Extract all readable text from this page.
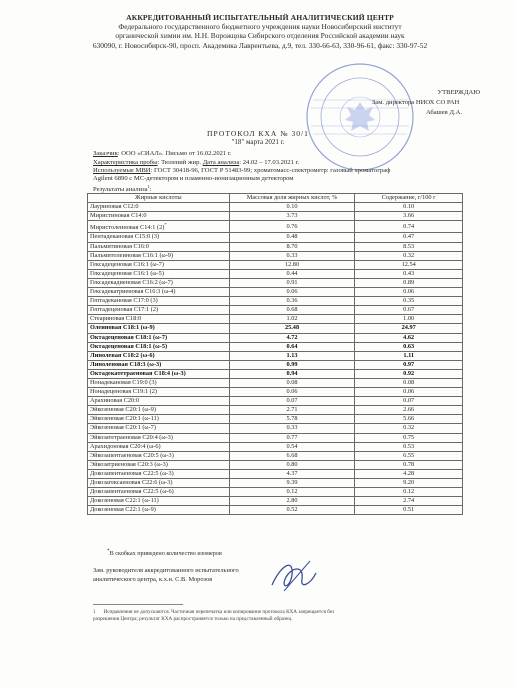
АККРЕДИТОВАННЫЙ ИСПЫТАТЕЛЬНЫЙ АНАЛИТИЧЕСКИЙ ЦЕНТР
Федерального государственного бюджетного учреждения науки Новосибирский институт
органической химии им. Н.Н. Ворожцова Сибирского отделения Российской академии наук
630090, г. Новосибирск-90, просп. Академика Лаврентьева, д.9, тел. 330-66-63, 330-96-61, факс: 330-97-52
УТВЕРЖДАЮ
Зам. директора НИОХ СО РАН
Абашев Д.А.
ПРОТОКОЛ КХА № 30/1
"18" марта 2021 г.
Заказчик: ООО «СИАЛ». Письмо от 16.02.2021 г.
Характеристика пробы: Тюлений жир. Дата анализа: 24.02 – 17.03.2021 г.
Используемые МВИ: ГОСТ 30418-96, ГОСТ Р 51483-99; хроматомасс-спектрометр: газовый хроматограф
Agilent 6890 с МС-детектором и пламенно-ионизационным детектором
Результаты анализа$^1$:
Жирные кислоты	Массовая доля жирных кислот, %	Содержание, г/100 г
Лауриновая С12:0	0.10	0.10
Миристиновая С14:0	3.73	3.66
Миристолеиновая С14:1 (2)*	0.76	0.74
Пентадекановая С15:0 (3)	0.48	0.47
Пальмитиновая С16:0	8.70	8.53
Пальмитолеиновая С16:1 (ω-9)	0.33	0.32
Гексадеценовая С16:1 (ω-7)	12.80	12.54
Гексадеценовая С16:1 (ω-5)	0.44	0.43
Гексадекадиеновая С16:2 (ω-7)	0.91	0.89
Гексадекатриеновая С16:3 (ω-4)	0.06	0.06
Гептадекановая С17:0 (3)	0.36	0.35
Гептадеценовая С17:1 (2)	0.68	0.67
Стеариновая С18:0	1.02	1.00
Олеиновая С18:1 (ω-9)	25.48	24.97
Октадеценовая С18:1 (ω-7)	4.72	4.62
Октадеценовая С18:1 (ω-5)	0.64	0.63
Линолевая С18:2 (ω-6)	1.13	1.11
Линоленовая С18:3 (ω-3)	0.99	0.97
Октадекатетраеновая С18:4 (ω-3)	0.94	0.92
Нонадекановая С19:0 (3)	0.08	0.08
Нонадеценовая С19:1 (2)	0.06	0.06
Арахиновая С20:0	0.07	0.07
Эйкозеновая С20:1 (ω-9)	2.71	2.66
Эйкозеновая С20:1 (ω-11)	5.78	5.66
Эйкозеновая С20:1 (ω-7)	0.33	0.32
Эйкозатетраеновая С20:4 (ω-3)	0.77	0.75
Арахидоновая С20:4 (ω-6)	0.54	0.53
Эйкозапентаеновая С20:5 (ω-3)	6.68	6.55
Эйкозатриеновая С20:3 (ω-3)	0.80	0.78
Докозапентаеновая С22:5 (ω-3)	4.37	4.28
Докозагексаеновая С22:6 (ω-3)	9.39	9.20
Докозапентаеновая С22:5 (ω-6)	0.12	0.12
Докозеновая С22:1 (ω-11)	2.80	2.74
Докозеновая С22:1 (ω-9)	0.52	0.51
*В скобках приведено количество изомеров
Зам. руководителя аккредитованного испытательного
аналитического центра, к.х.н. С.В. Морозов
1 Исправления не допускаются. Частичная перепечатка или копирование протокола КХА запрещается без
разрешения Центра; результат КХА распространяется только на представленный образец.
